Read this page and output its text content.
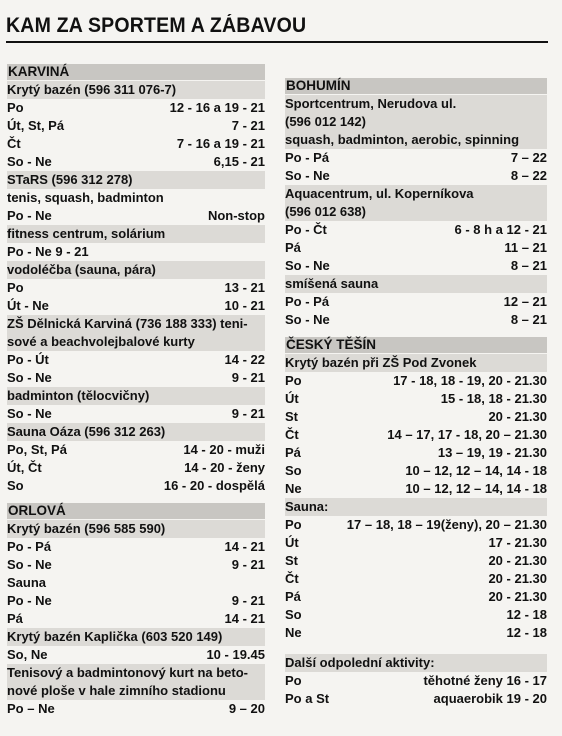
KAM ZA SPORTEM A ZÁBAVOU
KARVINÁ
Krytý bazén (596 311 076-7)
Po	12 - 16 a 19 - 21
Út, St, Pá	7 - 21
Čt	7 - 16 a 19 - 21
So - Ne	6,15 - 21
STaRS (596 312 278)
tenis, squash, badminton
Po - Ne	Non-stop
fitness centrum, solárium
Po - Ne 9 - 21
vodoléčba (sauna, pára)
Po	13 - 21
Út - Ne	10 - 21
ZŠ Dělnická Karviná (736 188 333) teni-
sové a beachvolejbalové kurty
Po - Út	14 - 22
So - Ne	9 - 21
badminton (tělocvičny)
So - Ne	9 - 21
Sauna Oáza (596 312 263)
Po, St, Pá	14 - 20 - muži
Út, Čt	14 - 20 - ženy
So	16 - 20 - dospělá
ORLOVÁ
Krytý bazén (596 585 590)
Po - Pá	14 - 21
So - Ne	9 - 21
Sauna
Po - Ne	9 - 21
Pá	14 - 21
Krytý bazén Kaplička (603 520 149)
So, Ne	10 - 19.45
Tenisový a badmintonový kurt na beto-
nové ploše v hale zimního stadionu
Po – Ne	9 – 20
BOHUMÍN
Sportcentrum, Nerudova ul.
(596 012 142)
squash, badminton, aerobic, spinning
Po - Pá	7 – 22
So - Ne	8 – 22
Aquacentrum, ul. Koperníkova
(596 012 638)
Po - Čt	6 - 8 h a 12 - 21
Pá	11 – 21
So - Ne	8 – 21
smíšená sauna
Po - Pá	12 – 21
So - Ne	8 – 21
ČESKÝ TĚŠÍN
Krytý bazén při ZŠ Pod Zvonek
Po	17 - 18, 18 - 19, 20 - 21.30
Út	15 - 18, 18 - 21.30
St	20 - 21.30
Čt	14 – 17, 17 - 18, 20 – 21.30
Pá	13 – 19, 19 - 21.30
So	10 – 12, 12 – 14, 14 - 18
Ne	10 – 12, 12 – 14, 14 - 18
Sauna:
Po	17 – 18, 18 – 19(ženy), 20 – 21.30
Út	17 - 21.30
St	20 - 21.30
Čt	20 - 21.30
Pá	20 - 21.30
So	12 - 18
Ne	12 - 18
Další odpolední aktivity:
Po	těhotné ženy 16 - 17
Po a St	aquaerobik 19 - 20
